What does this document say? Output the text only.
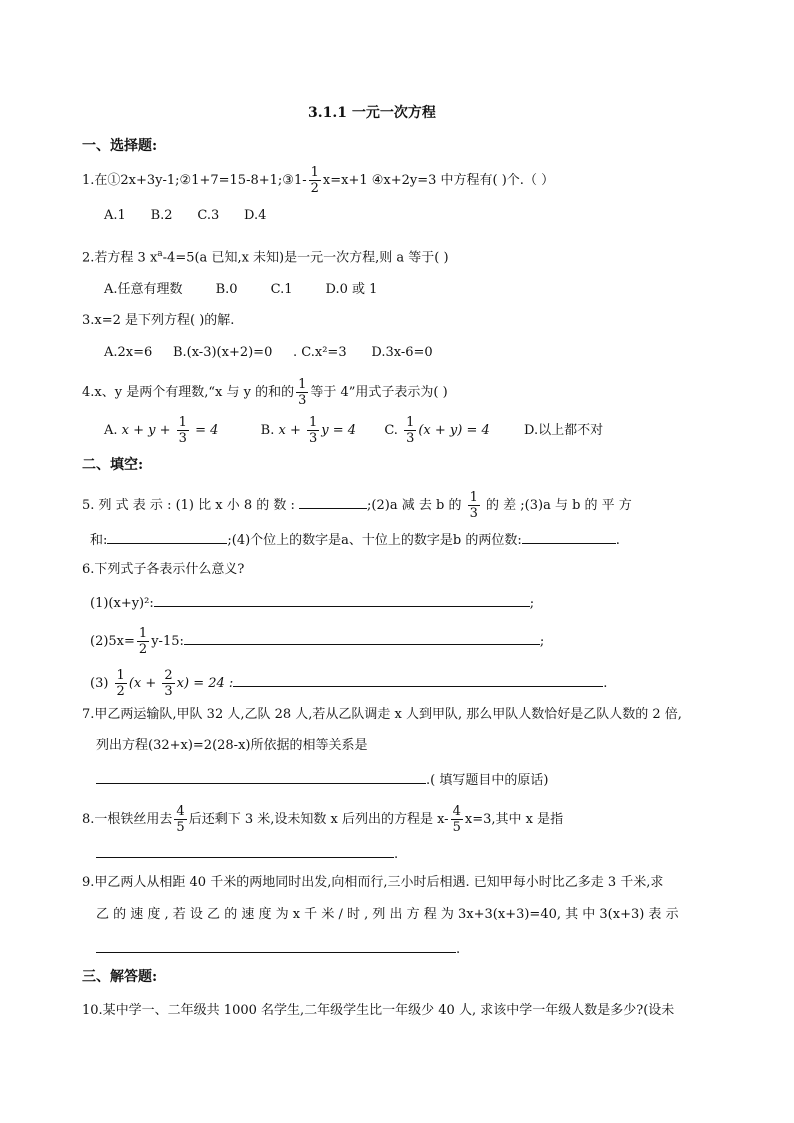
3.1.1 一元一次方程
一、选择题:
1.在①2x+3y-1;②1+7=15-8+1;③1- $\frac{1}{2} x=x+1$ ④x+2y=3 中方程有( )个.（ ）
A.1      B.2      C.3      D.4
2.若方程 3 $x^a-4=5(a$ 已知,x 未知)是一元一次方程,则 a 等于( )
A.任意有理数        B.0        C.1        D.0 或 1
3.x=2 是下列方程( )的解.
A.2x=6     B.(x-3)(x+2)=0     . C.x²=3      D.3x-6=0
4.x、y 是两个有理数,“x 与 y 的和的 $\frac{1}{3}$ 等于 4”用式子表示为( )
A. $x + y + \frac{1}{3} = 4$	B. $x + \frac{1}{3}$ y = 4 C. $\frac{1}{3} (x + y) = 4$	D.以上都不对
二、填空:
5. 列 式 表 示 : (1) 比 x 小 8 的 数 :	;(2)a 减 去 b 的 $\frac{1}{3}$ 的 差 ;(3)a 与 b 的 平 方
和:	;(4)个位上的数字是a、十位上的数字是b 的两位数:	.
6.下列式子各表示什么意义?
(1)(x+y)²:	;
$(2)5x= \frac{1}{2} y-15$:	;
$(3) \frac{1}{2} (x + \frac{2}{3} x) = 24$ :	.
7.甲乙两运输队,甲队 32 人,乙队 28 人,若从乙队调走 x 人到甲队, 那么甲队人数恰好是乙队人数的 2 倍,
列出方程(32+x)=2(28-x)所依据的相等关系是
.( 填写题目中的原话)
8.一根铁丝用去 $\frac{4}{5}$ 后还剩下 3 米,设未知数 x 后列出的方程是 $x- \frac{4}{5} x=3$,其中 x 是指
.
9.甲乙两人从相距 40 千米的两地同时出发,向相而行,三小时后相遇. 已知甲每小时比乙多走 3 千米,求
乙 的 速 度 , 若 设 乙 的 速 度 为 x 千 米 / 时 , 列 出 方 程 为 3x+3(x+3)=40, 其 中 3(x+3) 表 示
.
三、解答题:
10.某中学一、二年级共 1000 名学生,二年级学生比一年级少 40 人, 求该中学一年级人数是多少?(设未
